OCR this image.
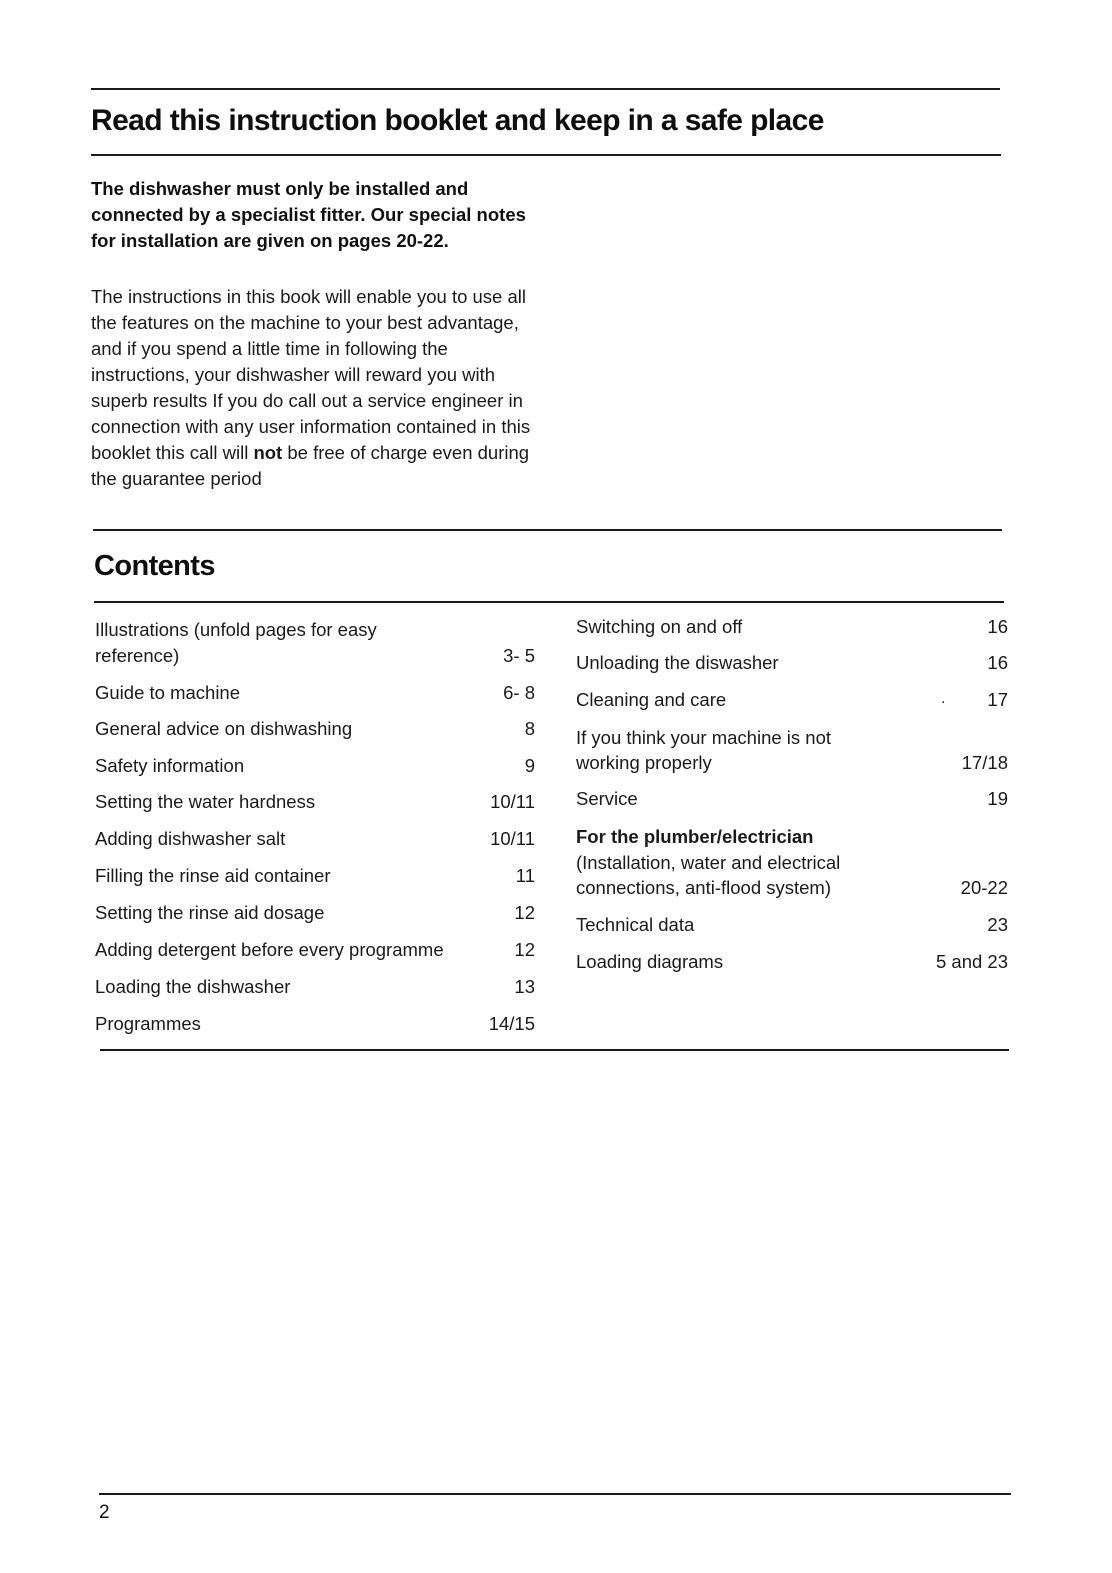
Read this instruction booklet and keep in a safe place

The dishwasher must only be installed and connected by a specialist fitter. Our special notes for installation are given on pages 20-22.

The instructions in this book will enable you to use all the features on the machine to your best advantage, and if you spend a little time in following the instructions, your dishwasher will reward you with superb results If you do call out a service engineer in connection with any user information contained in this booklet this call will not be free of charge even during the guarantee period

Contents
Illustrations (unfold pages for easy
reference)	3- 5
Guide to machine	6- 8
General advice on dishwashing	8
Safety information	9
Setting the water hardness	10/11
Adding dishwasher salt	10/11
Filling the rinse aid container	11
Setting the rinse aid dosage	12
Adding detergent before every programme	12
Loading the dishwasher	13
Programmes	14/15
Switching on and off	16
Unloading the diswasher	16
Cleaning and care	17
.
If you think your machine is not
working properly	17/18
Service	19
For the plumber/electrician
(Installation, water and electrical
connections, anti-flood system)	20-22
Technical data	23
Loading diagrams	5 and 23
2
